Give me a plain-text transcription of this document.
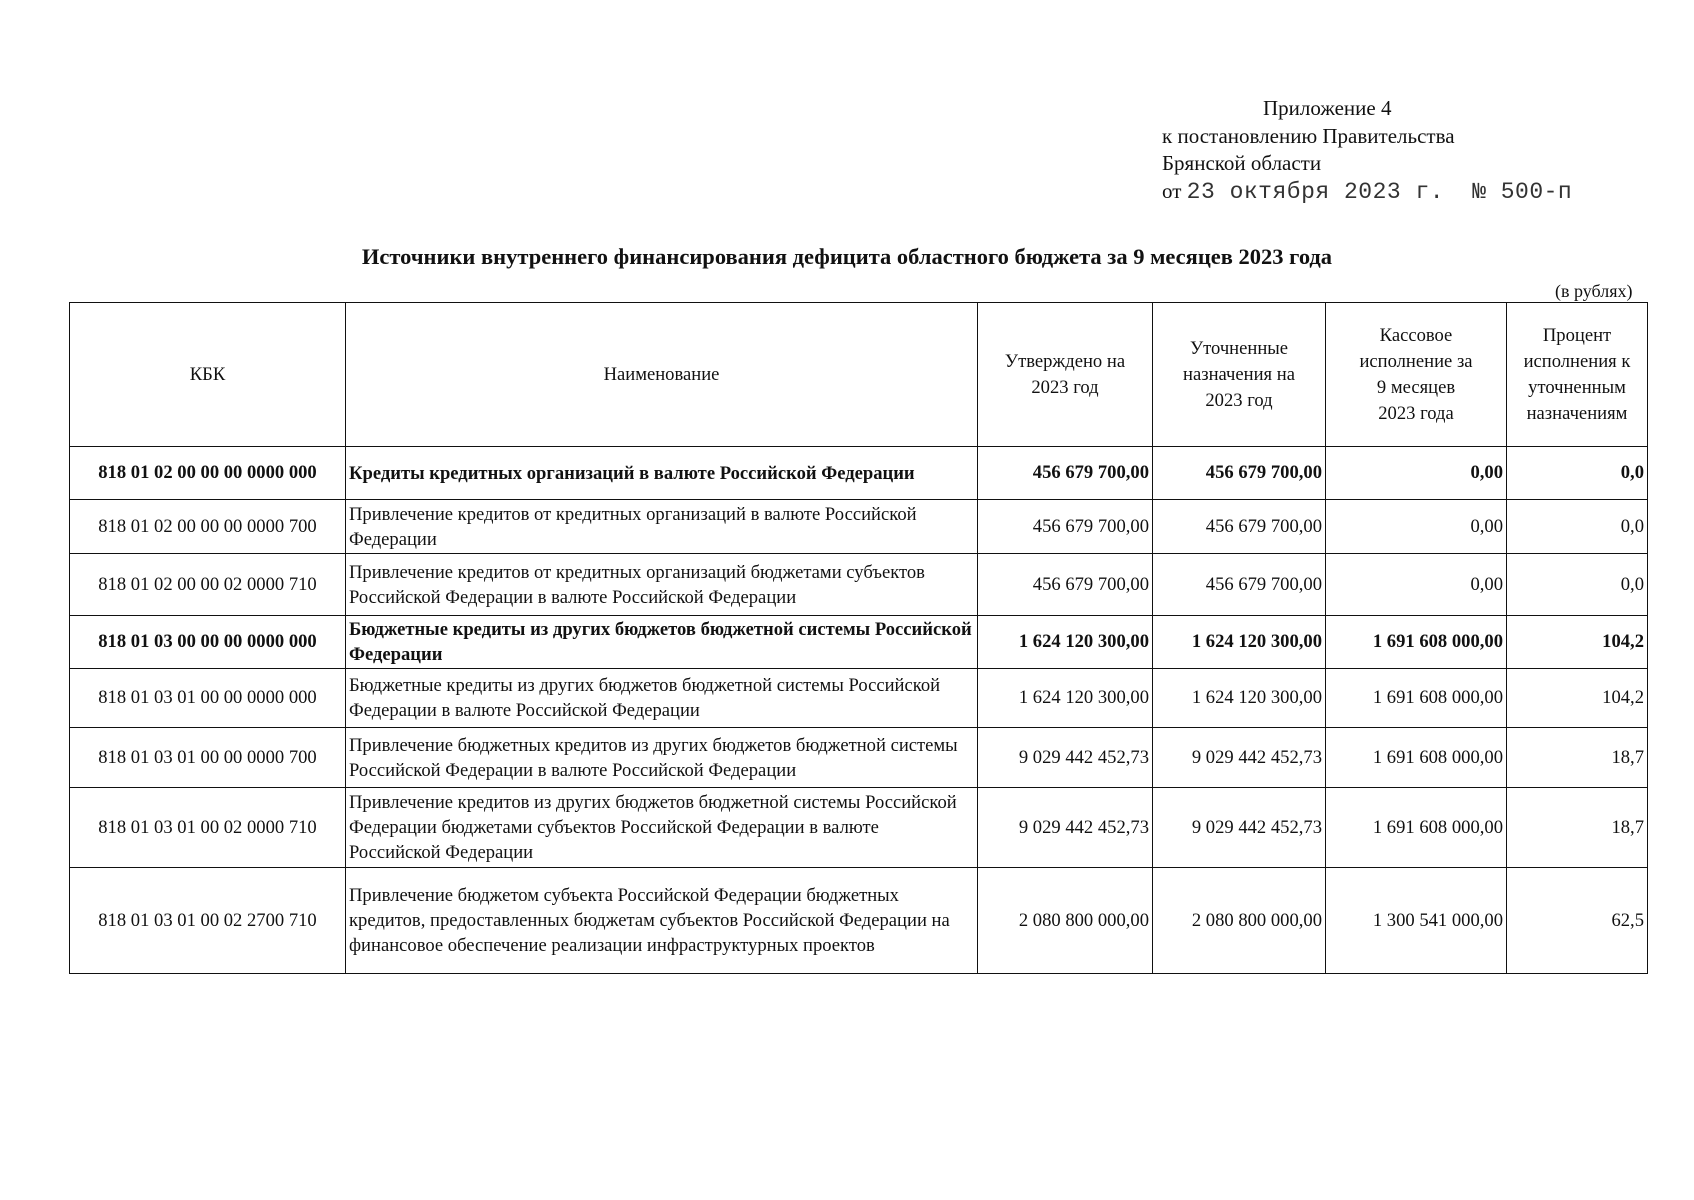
Приложение 4
к постановлению Правительства
Брянской области
от 23 октября 2023 г. № 500-п
Источники внутреннего финансирования дефицита областного бюджета за 9 месяцев 2023 года
(в рублях)
КБК	Наименование	Утверждено на 2023 год	Уточненные назначения на 2023 год	Кассовое исполнение за 9 месяцев 2023 года	Процент исполнения к уточненным назначениям
818 01 02 00 00 00 0000 000	Кредиты кредитных организаций в валюте Российской Федерации	456 679 700,00	456 679 700,00	0,00	0,0
818 01 02 00 00 00 0000 700	Привлечение кредитов от кредитных организаций в валюте Российской Федерации	456 679 700,00	456 679 700,00	0,00	0,0
818 01 02 00 00 02 0000 710	Привлечение кредитов от кредитных организаций бюджетами субъектов Российской Федерации в валюте Российской Федерации	456 679 700,00	456 679 700,00	0,00	0,0
818 01 03 00 00 00 0000 000	Бюджетные кредиты из других бюджетов бюджетной системы Российской Федерации	1 624 120 300,00	1 624 120 300,00	1 691 608 000,00	104,2
818 01 03 01 00 00 0000 000	Бюджетные кредиты из других бюджетов бюджетной системы Российской Федерации в валюте Российской Федерации	1 624 120 300,00	1 624 120 300,00	1 691 608 000,00	104,2
818 01 03 01 00 00 0000 700	Привлечение бюджетных кредитов из других бюджетов бюджетной системы Российской Федерации в валюте Российской Федерации	9 029 442 452,73	9 029 442 452,73	1 691 608 000,00	18,7
818 01 03 01 00 02 0000 710	Привлечение кредитов из других бюджетов бюджетной системы Российской Федерации бюджетами субъектов Российской Федерации в валюте Российской Федерации	9 029 442 452,73	9 029 442 452,73	1 691 608 000,00	18,7
818 01 03 01 00 02 2700 710	Привлечение бюджетом субъекта Российской Федерации бюджетных кредитов, предоставленных бюджетам субъектов Российской Федерации на финансовое обеспечение реализации инфраструктурных проектов	2 080 800 000,00	2 080 800 000,00	1 300 541 000,00	62,5
